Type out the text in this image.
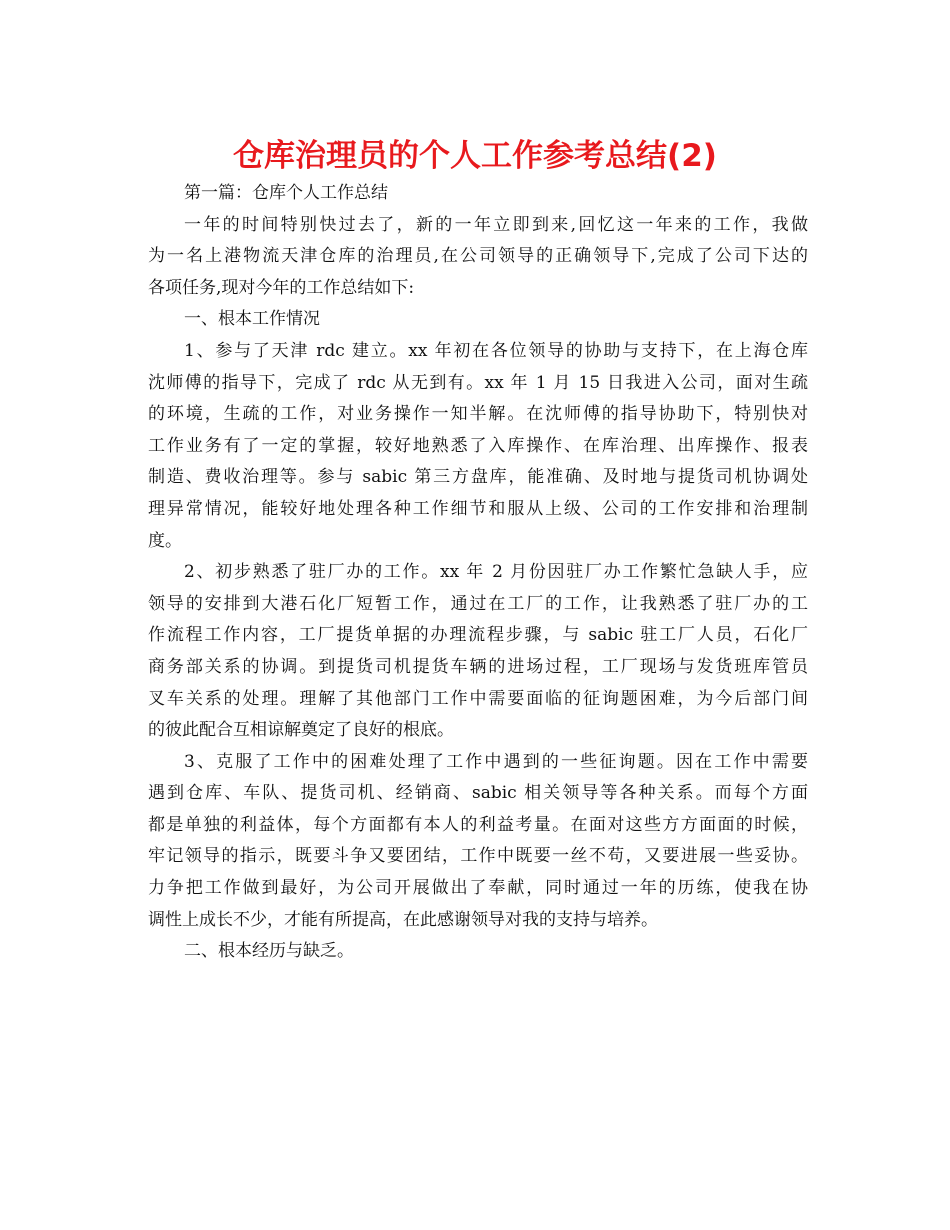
仓库治理员的个人工作参考总结(2)
第一篇：仓库个人工作总结
一年的时间特别快过去了，新的一年立即到来,回忆这一年来的工作，我做
为一名上港物流天津仓库的治理员,在公司领导的正确领导下,完成了公司下达的
各项任务,现对今年的工作总结如下:
一、根本工作情况
1、参与了天津 rdc 建立。xx 年初在各位领导的协助与支持下，在上海仓库
沈师傅的指导下，完成了 rdc 从无到有。xx 年 1 月 15 日我进入公司，面对生疏
的环境，生疏的工作，对业务操作一知半解。在沈师傅的指导协助下，特别快对
工作业务有了一定的掌握，较好地熟悉了入库操作、在库治理、出库操作、报表
制造、费收治理等。参与 sabic 第三方盘库，能准确、及时地与提货司机协调处
理异常情况，能较好地处理各种工作细节和服从上级、公司的工作安排和治理制
度。
2、初步熟悉了驻厂办的工作。xx 年 2 月份因驻厂办工作繁忙急缺人手，应
领导的安排到大港石化厂短暂工作，通过在工厂的工作，让我熟悉了驻厂办的工
作流程工作内容，工厂提货单据的办理流程步骤，与 sabic 驻工厂人员，石化厂
商务部关系的协调。到提货司机提货车辆的进场过程，工厂现场与发货班库管员
叉车关系的处理。理解了其他部门工作中需要面临的征询题困难，为今后部门间
的彼此配合互相谅解奠定了良好的根底。
3、克服了工作中的困难处理了工作中遇到的一些征询题。因在工作中需要
遇到仓库、车队、提货司机、经销商、sabic 相关领导等各种关系。而每个方面
都是单独的利益体，每个方面都有本人的利益考量。在面对这些方方面面的时候，
牢记领导的指示，既要斗争又要团结，工作中既要一丝不苟，又要进展一些妥协。
力争把工作做到最好，为公司开展做出了奉献，同时通过一年的历练，使我在协
调性上成长不少，才能有所提高，在此感谢领导对我的支持与培养。
二、根本经历与缺乏。
